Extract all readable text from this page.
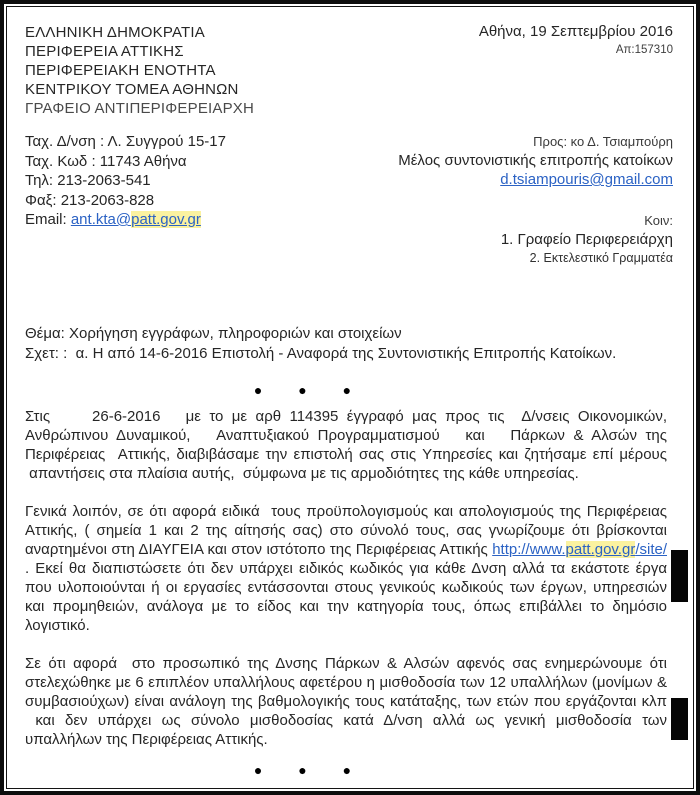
ΕΛΛΗΝΙΚΗ ΔΗΜΟΚΡΑΤΙΑ
ΠΕΡΙΦΕΡΕΙΑ ΑΤΤΙΚΗΣ
ΠΕΡΙΦΕΡΕΙΑΚΗ ΕΝΟΤΗΤΑ
ΚΕΝΤΡΙΚΟΥ ΤΟΜΕΑ ΑΘΗΝΩΝ
ΓΡΑΦΕΙΟ ΑΝΤΙΠΕΡΙΦΕΡΕΙΑΡΧΗ
Αθήνα, 19 Σεπτεμβρίου 2016
Απ:157310
Ταχ. Δ/νση : Λ. Συγγρού 15-17
Ταχ. Κωδ : 11743 Αθήνα
Τηλ: 213-2063-541
Φαξ: 213-2063-828
Email: ant.kta@patt.gov.gr
Προς: κο Δ. Τσιαμπούρη
Μέλος συντονιστικής επιτροπής κατοίκων
d.tsiampouris@gmail.com
Κοιν:
1. Γραφείο Περιφερειάρχη
2. Εκτελεστικό Γραμματέα
Θέμα: Χορήγηση εγγράφων, πληροφοριών και στοιχείων
Σχετ: :  α. Η από 14-6-2016 Επιστολή - Αναφορά της Συντονιστικής Επιτροπής Κατοίκων.
● ● ●

Στις     26-6-2016   με το με αρθ 114395 έγγραφό μας προς τις  Δ/νσεις Οικονομικών, Ανθρώπινου Δυναμικού,   Αναπτυξιακού Προγραμματισμού   και   Πάρκων & Αλσών της Περιφέρειας  Αττικής, διαβιβάσαμε την επιστολή σας στις Υπηρεσίες και ζητήσαμε επί μέρους  απαντήσεις στα πλαίσια αυτής,  σύμφωνα με τις αρμοδιότητες της κάθε υπηρεσίας.

Γενικά λοιπόν, σε ότι αφορά ειδικά  τους προϋπολογισμούς και απολογισμούς της Περιφέρειας Αττικής, ( σημεία 1 και 2 της αίτησής σας) στο σύνολό τους, σας γνωρίζουμε ότι βρίσκονται αναρτημένοι στη ΔΙΑΥΓΕΙΑ και στον ιστότοπο της Περιφέρειας Αττικής http://www.patt.gov.gr/site/ . Εκεί θα διαπιστώσετε ότι δεν υπάρχει ειδικός κωδικός για κάθε Δνση αλλά τα εκάστοτε έργα που υλοποιούνται ή οι εργασίες εντάσσονται στους γενικούς κωδικούς των έργων, υπηρεσιών και προμηθειών, ανάλογα με το είδος και την κατηγορία τους, όπως επιβάλλει το δημόσιο λογιστικό.

Σε ότι αφορά  στο προσωπικό της Δνσης Πάρκων & Αλσών αφενός σας ενημερώνουμε ότι στελεχώθηκε με 6 επιπλέον υπαλλήλους αφετέρου η μισθοδοσία των 12 υπαλλήλων (μονίμων & συμβασιούχων) είναι ανάλογη της βαθμολογικής τους κατάταξης, των ετών που εργάζονται κλπ  και δεν υπάρχει ως σύνολο μισθοδοσίας κατά Δ/νση αλλά ως γενική μισθοδοσία των υπαλλήλων της Περιφέρειας Αττικής.

● ● ●
